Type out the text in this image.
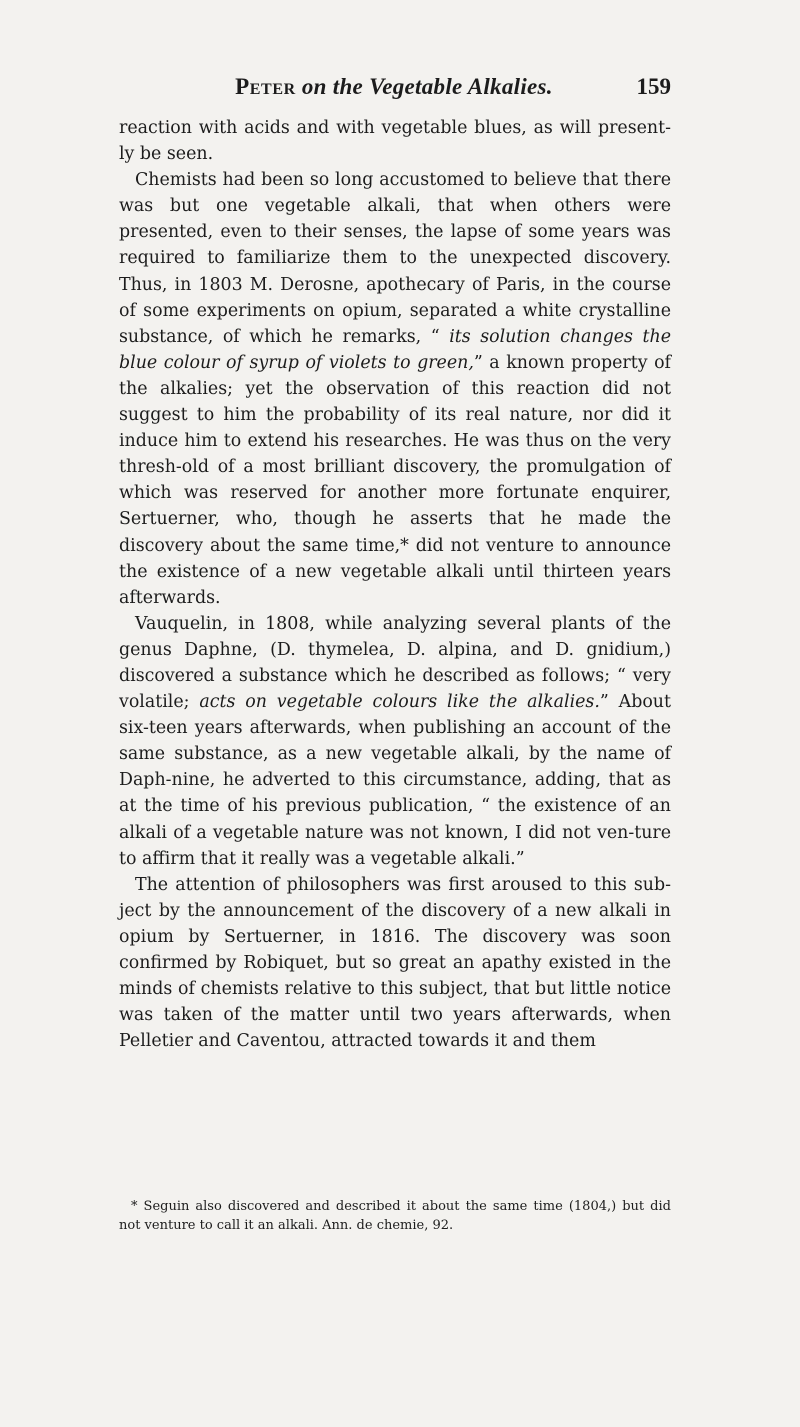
Peter on the Vegetable Alkalies.	159

reaction with acids and with vegetable blues, as will present-ly be seen.

Chemists had been so long accustomed to believe that there was but one vegetable alkali, that when others were presented, even to their senses, the lapse of some years was required to familiarize them to the unexpected discovery. Thus, in 1803 M. Derosne, apothecary of Paris, in the course of some experiments on opium, separated a white crystalline substance, of which he remarks, “ its solution changes the blue colour of syrup of violets to green,” a known property of the alkalies; yet the observation of this reaction did not suggest to him the probability of its real nature, nor did it induce him to extend his researches. He was thus on the very thresh-old of a most brilliant discovery, the promulgation of which was reserved for another more fortunate enquirer, Sertuerner, who, though he asserts that he made the discovery about the same time,* did not venture to announce the existence of a new vegetable alkali until thirteen years afterwards.

Vauquelin, in 1808, while analyzing several plants of the genus Daphne, (D. thymelea, D. alpina, and D. gnidium,) discovered a substance which he described as follows; “ very volatile; acts on vegetable colours like the alkalies.” About six-teen years afterwards, when publishing an account of the same substance, as a new vegetable alkali, by the name of Daph-nine, he adverted to this circumstance, adding, that as at the time of his previous publication, “ the existence of an alkali of a vegetable nature was not known, I did not ven-ture to affirm that it really was a vegetable alkali.”

The attention of philosophers was first aroused to this sub-ject by the announcement of the discovery of a new alkali in opium by Sertuerner, in 1816. The discovery was soon confirmed by Robiquet, but so great an apathy existed in the minds of chemists relative to this subject, that but little notice was taken of the matter until two years afterwards, when Pelletier and Caventou, attracted towards it and them

* Seguin also discovered and described it about the same time (1804,) but did not venture to call it an alkali. Ann. de chemie, 92.
